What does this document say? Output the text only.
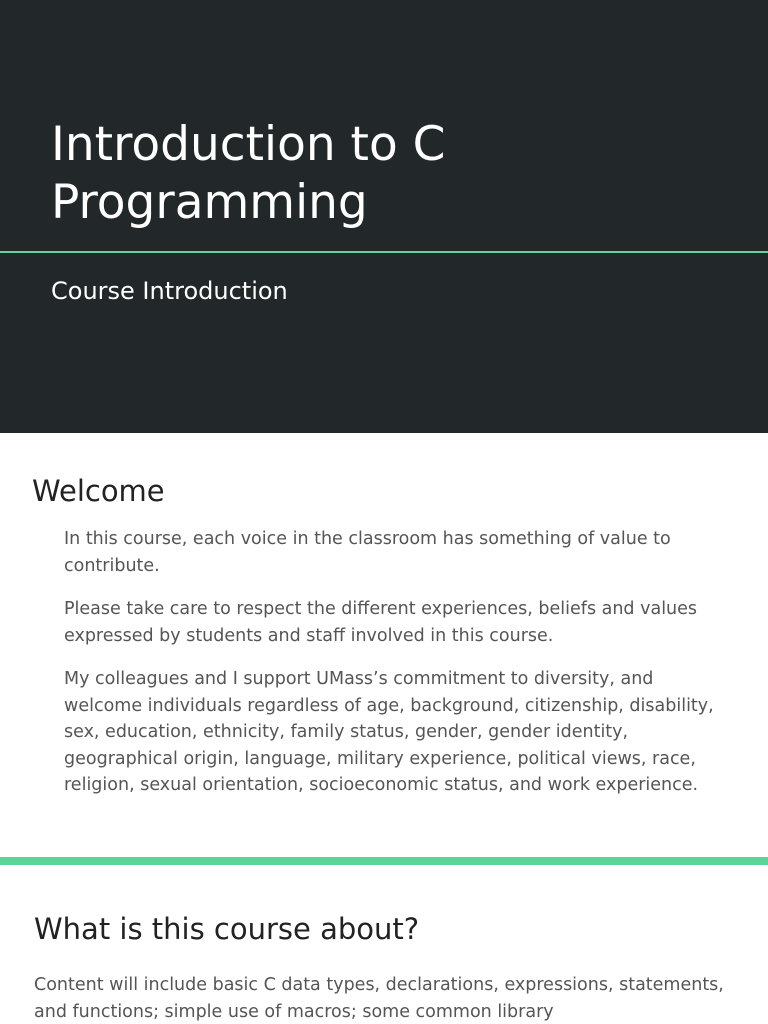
Introduction to C Programming
Course Introduction
Welcome

In this course, each voice in the classroom has something of value to contribute.

Please take care to respect the different experiences, beliefs and values expressed by students and staff involved in this course.

My colleagues and I support UMass’s commitment to diversity, and welcome individuals regardless of age, background, citizenship, disability, sex, education, ethnicity, family status, gender, gender identity, geographical origin, language, military experience, political views, race, religion, sexual orientation, socioeconomic status, and work experience.

What is this course about?

Content will include basic C data types, declarations, expressions, statements, and functions; simple use of macros; some common library
